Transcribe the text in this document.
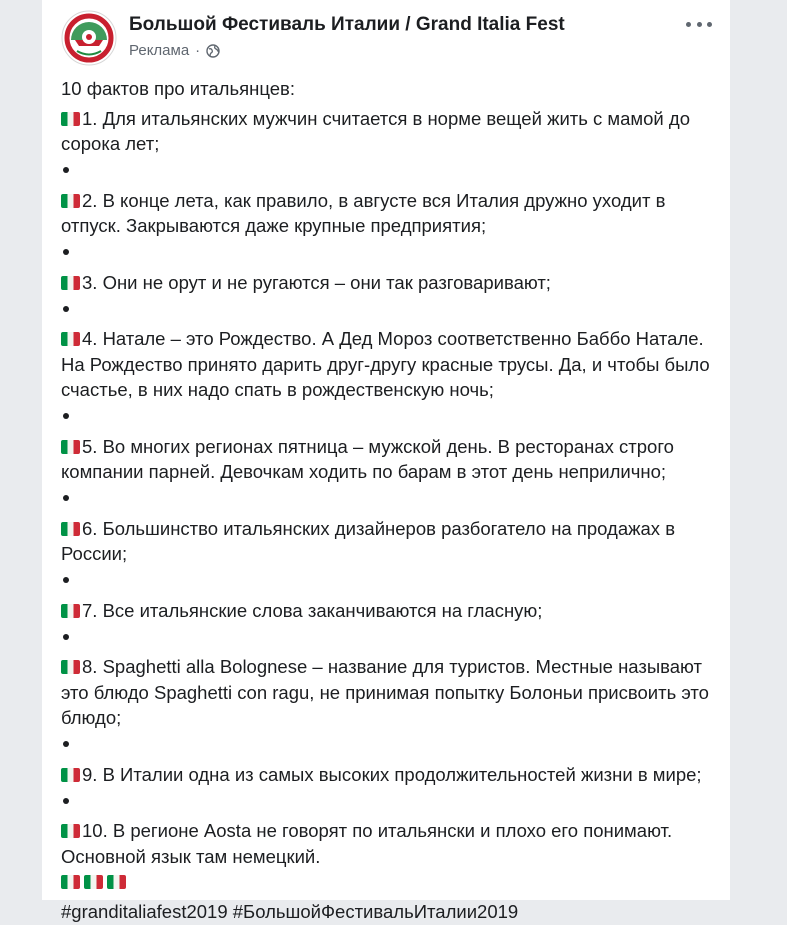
Большой Фестиваль Италии / Grand Italia Fest
Реклама ·
10 фактов про итальянцев:
1. Для итальянских мужчин считается в норме вещей жить с мамой до сорока лет;
2. В конце лета, как правило, в августе вся Италия дружно уходит в отпуск. Закрываются даже крупные предприятия;
3. Они не орут и не ругаются – они так разговаривают;
4. Натале – это Рождество. А Дед Мороз соответственно Баббо Натале. На Рождество принято дарить друг-другу красные трусы. Да, и чтобы было счастье, в них надо спать в рождественскую ночь;
5. Во многих регионах пятница – мужской день. В ресторанах строго компании парней. Девочкам ходить по барам в этот день неприлично;
6. Большинство итальянских дизайнеров разбогатело на продажах в России;
7. Все итальянские слова заканчиваются на гласную;
8. Spaghetti alla Bolognese – название для туристов. Местные называют это блюдо Spaghetti con ragu, не принимая попытку Болоньи присвоить это блюдо;
9. В Италии одна из самых высоких продолжительностей жизни в мире;
10. В регионе Aosta не говорят по итальянски и плохо его понимают. Основной язык там немецкий.
#granditaliafest2019 #БольшойФестивальИталии2019
